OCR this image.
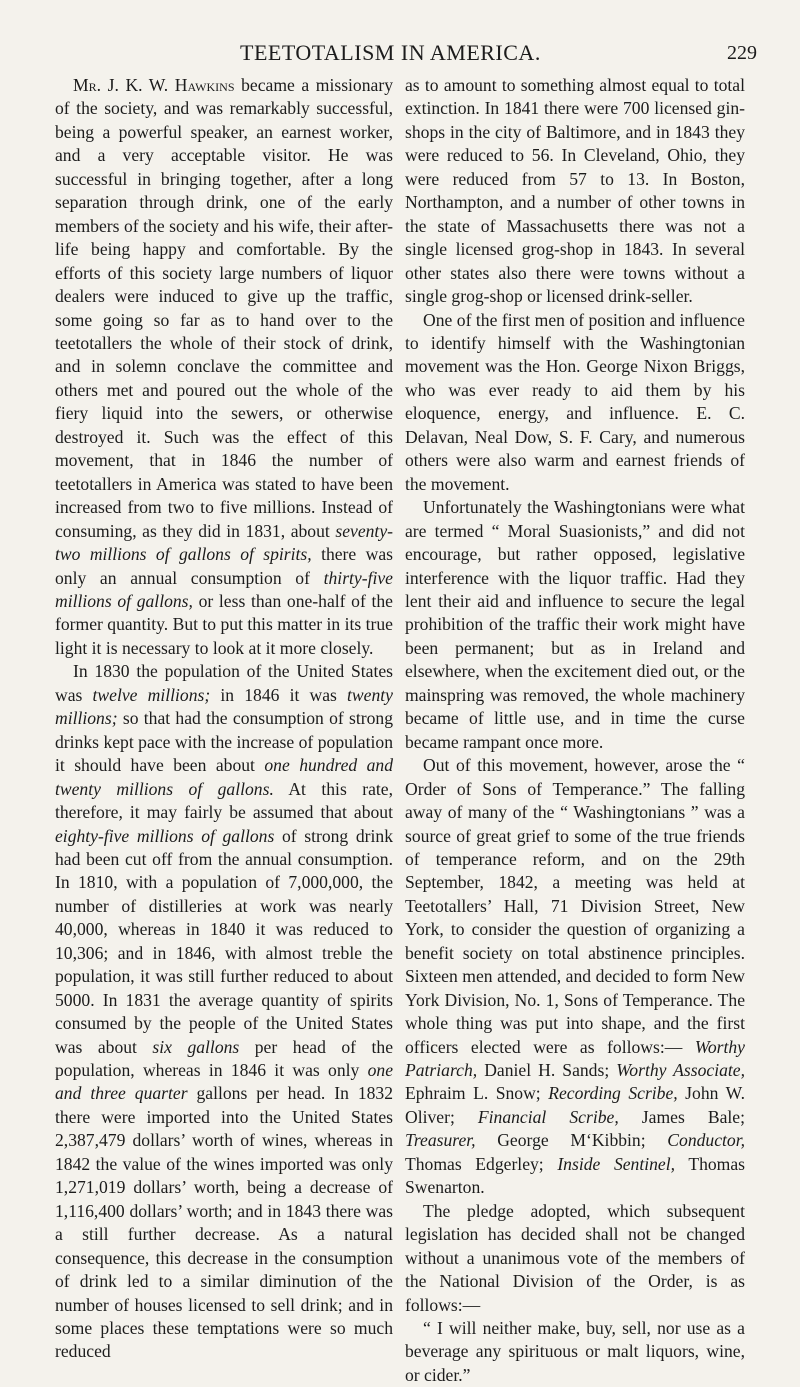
TEETOTALISM IN AMERICA.	229

Mr. J. K. W. Hawkins became a missionary of the society, and was remarkably successful, being a powerful speaker, an earnest worker, and a very acceptable visitor. He was successful in bringing together, after a long separation through drink, one of the early members of the society and his wife, their after-life being happy and comfortable. By the efforts of this society large numbers of liquor dealers were induced to give up the traffic, some going so far as to hand over to the teetotallers the whole of their stock of drink, and in solemn conclave the committee and others met and poured out the whole of the fiery liquid into the sewers, or otherwise destroyed it. Such was the effect of this movement, that in 1846 the number of teetotallers in America was stated to have been increased from two to five millions. Instead of consuming, as they did in 1831, about seventy-two millions of gallons of spirits, there was only an annual consumption of thirty-five millions of gallons, or less than one-half of the former quantity. But to put this matter in its true light it is necessary to look at it more closely.

In 1830 the population of the United States was twelve millions; in 1846 it was twenty millions; so that had the consumption of strong drinks kept pace with the increase of population it should have been about one hundred and twenty millions of gallons. At this rate, therefore, it may fairly be assumed that about eighty-five millions of gallons of strong drink had been cut off from the annual consumption. In 1810, with a population of 7,000,000, the number of distilleries at work was nearly 40,000, whereas in 1840 it was reduced to 10,306; and in 1846, with almost treble the population, it was still further reduced to about 5000. In 1831 the average quantity of spirits consumed by the people of the United States was about six gallons per head of the population, whereas in 1846 it was only one and three quarter gallons per head. In 1832 there were imported into the United States 2,387,479 dollars’ worth of wines, whereas in 1842 the value of the wines imported was only 1,271,019 dollars’ worth, being a decrease of 1,116,400 dollars’ worth; and in 1843 there was a still further decrease. As a natural consequence, this decrease in the consumption of drink led to a similar diminution of the number of houses licensed to sell drink; and in some places these temptations were so much reduced

as to amount to something almost equal to total extinction. In 1841 there were 700 licensed gin-shops in the city of Baltimore, and in 1843 they were reduced to 56. In Cleveland, Ohio, they were reduced from 57 to 13. In Boston, Northampton, and a number of other towns in the state of Massachusetts there was not a single licensed grog-shop in 1843. In several other states also there were towns without a single grog-shop or licensed drink-seller.

One of the first men of position and influence to identify himself with the Washingtonian movement was the Hon. George Nixon Briggs, who was ever ready to aid them by his eloquence, energy, and influence. E. C. Delavan, Neal Dow, S. F. Cary, and numerous others were also warm and earnest friends of the movement.

Unfortunately the Washingtonians were what are termed “ Moral Suasionists,” and did not encourage, but rather opposed, legislative interference with the liquor traffic. Had they lent their aid and influence to secure the legal prohibition of the traffic their work might have been permanent; but as in Ireland and elsewhere, when the excitement died out, or the mainspring was removed, the whole machinery became of little use, and in time the curse became rampant once more.

Out of this movement, however, arose the “ Order of Sons of Temperance.” The falling away of many of the “ Washingtonians ” was a source of great grief to some of the true friends of temperance reform, and on the 29th September, 1842, a meeting was held at Teetotallers’ Hall, 71 Division Street, New York, to consider the question of organizing a benefit society on total abstinence principles. Sixteen men attended, and decided to form New York Division, No. 1, Sons of Temperance. The whole thing was put into shape, and the first officers elected were as follows:— Worthy Patriarch, Daniel H. Sands; Worthy Associate, Ephraim L. Snow; Recording Scribe, John W. Oliver; Financial Scribe, James Bale; Treasurer, George M‘Kibbin; Conductor, Thomas Edgerley; Inside Sentinel, Thomas Swenarton.

The pledge adopted, which subsequent legislation has decided shall not be changed without a unanimous vote of the members of the National Division of the Order, is as follows:—

“ I will neither make, buy, sell, nor use as a beverage any spirituous or malt liquors, wine, or cider.”
